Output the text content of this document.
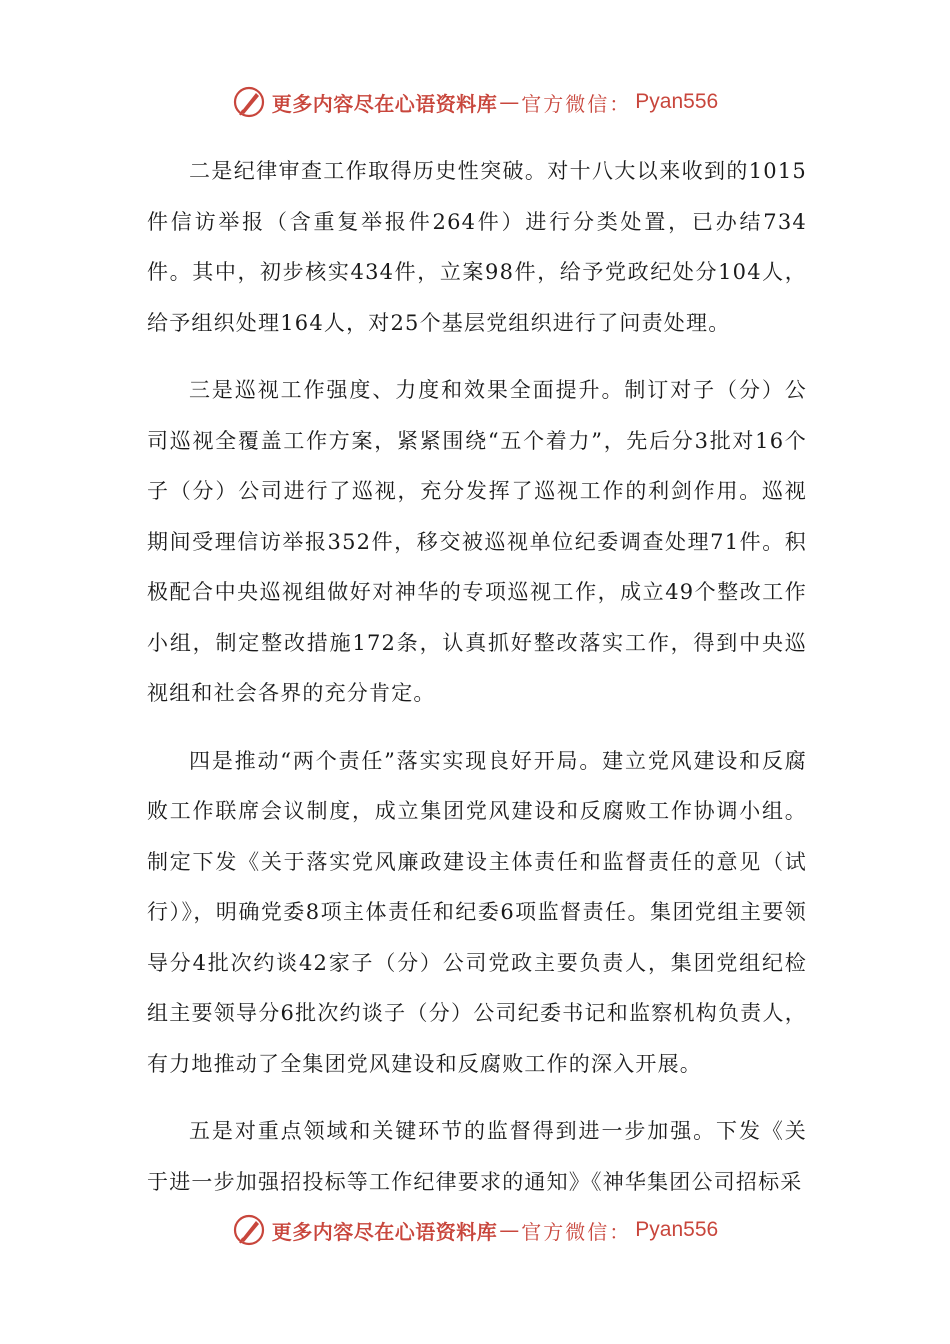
更多内容尽在心语资料库 — 官方微信： Pyan556

二是纪律审查工作取得历史性突破。对十八大以来收到的1015件信访举报（含重复举报件264件）进行分类处置，已办结734件。其中，初步核实434件，立案98件，给予党政纪处分104人，给予组织处理164人，对25个基层党组织进行了问责处理。

三是巡视工作强度、力度和效果全面提升。制订对子（分）公司巡视全覆盖工作方案，紧紧围绕“五个着力”，先后分3批对16个子（分）公司进行了巡视，充分发挥了巡视工作的利剑作用。巡视期间受理信访举报352件，移交被巡视单位纪委调查处理71件。积极配合中央巡视组做好对神华的专项巡视工作，成立49个整改工作小组，制定整改措施172条，认真抓好整改落实工作，得到中央巡视组和社会各界的充分肯定。

四是推动“两个责任”落实实现良好开局。建立党风建设和反腐败工作联席会议制度，成立集团党风建设和反腐败工作协调小组。制定下发《关于落实党风廉政建设主体责任和监督责任的意见（试行）》，明确党委8项主体责任和纪委6项监督责任。集团党组主要领导分4批次约谈42家子（分）公司党政主要负责人，集团党组纪检组主要领导分6批次约谈子（分）公司纪委书记和监察机构负责人，有力地推动了全集团党风建设和反腐败工作的深入开展。

五是对重点领域和关键环节的监督得到进一步加强。下发《关于进一步加强招投标等工作纪律要求的通知》《神华集团公司招标采

更多内容尽在心语资料库 — 官方微信： Pyan556
